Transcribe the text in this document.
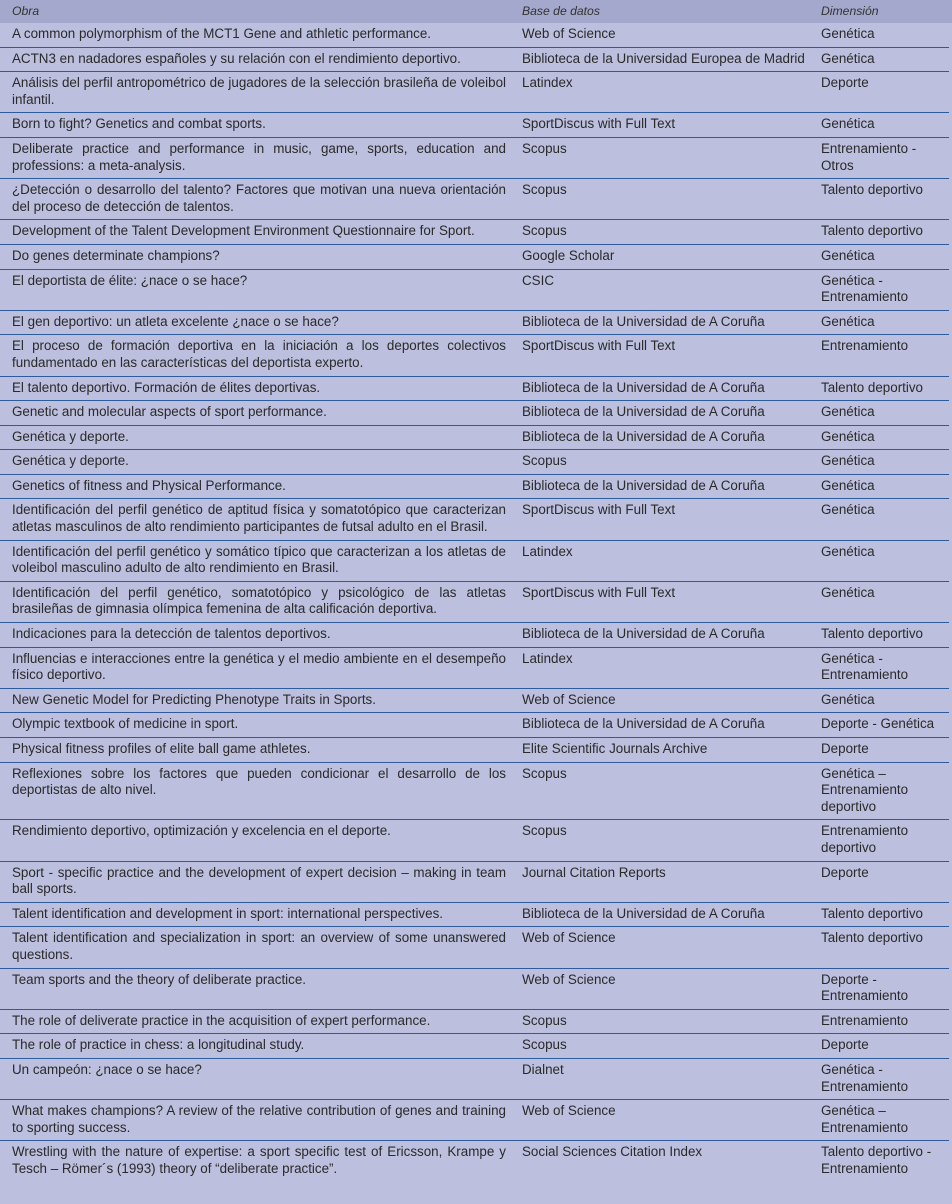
Obra	Base de datos	Dimensión	

A common polymorphism of the MCT1 Gene and athletic performance.	Web of Science	Genética	

ACTN3 en nadadores españoles y su relación con el rendimiento deportivo.	Biblioteca de la Universidad Europea de Madrid	Genética	

Análisis del perfil antropométrico de jugadores de la selección brasileña de voleibol infantil.	Latindex	Deporte	

Born to fight? Genetics and combat sports.	SportDiscus with Full Text	Genética	

Deliberate practice and performance in music, game, sports, education and professions: a meta-analysis.	Scopus	Entrenamiento - Otros	

¿Detección o desarrollo del talento? Factores que motivan una nueva orientación del proceso de detección de talentos.	Scopus	Talento deportivo	

Development of the Talent Development Environment Questionnaire for Sport.	Scopus	Talento deportivo	

Do genes determinate champions?	Google Scholar	Genética	

El deportista de élite: ¿nace o se hace?	CSIC	Genética - Entrenamiento	

El gen deportivo: un atleta excelente ¿nace o se hace?	Biblioteca de la Universidad de A Coruña	Genética	

El proceso de formación deportiva en la iniciación a los deportes colectivos fundamentado en las características del deportista experto.	SportDiscus with Full Text	Entrenamiento	

El talento deportivo. Formación de élites deportivas.	Biblioteca de la Universidad de A Coruña	Talento deportivo	

Genetic and molecular aspects of sport performance.	Biblioteca de la Universidad de A Coruña	Genética	

Genética y deporte.	Biblioteca de la Universidad de A Coruña	Genética	

Genética y deporte.	Scopus	Genética	

Genetics of fitness and Physical Performance.	Biblioteca de la Universidad de A Coruña	Genética	

Identificación del perfil genético de aptitud física y somatotópico que caracterizan atletas masculinos de alto rendimiento participantes de futsal adulto en el Brasil.	SportDiscus with Full Text	Genética	

Identificación del perfil genético y somático típico que caracterizan a los atletas de voleibol masculino adulto de alto rendimiento en Brasil.	Latindex	Genética	

Identificación del perfil genético, somatotópico y psicológico de las atletas brasileñas de gimnasia olímpica femenina de alta calificación deportiva.	SportDiscus with Full Text	Genética	

Indicaciones para la detección de talentos deportivos.	Biblioteca de la Universidad de A Coruña	Talento deportivo	

Influencias e interacciones entre la genética y el medio ambiente en el desempeño físico deportivo.	Latindex	Genética - Entrenamiento	

New Genetic Model for Predicting Phenotype Traits in Sports.	Web of Science	Genética	

Olympic textbook of medicine in sport.	Biblioteca de la Universidad de A Coruña	Deporte - Genética	

Physical fitness profiles of elite ball game athletes.	Elite Scientific Journals Archive	Deporte	

Reflexiones sobre los factores que pueden condicionar el desarrollo de los deportistas de alto nivel.	Scopus	Genética – Entrenamiento deportivo	

Rendimiento deportivo, optimización y excelencia en el deporte.	Scopus	Entrenamiento deportivo	

Sport - specific practice and the development of expert decision – making in team ball sports.	Journal Citation Reports	Deporte	

Talent identification and development in sport: international perspectives.	Biblioteca de la Universidad de A Coruña	Talento deportivo	

Talent identification and specialization in sport: an overview of some unanswered questions.	Web of Science	Talento deportivo	

Team sports and the theory of deliberate practice.	Web of Science	Deporte - Entrenamiento	

The role of deliverate practice in the acquisition of expert performance.	Scopus	Entrenamiento	

The role of practice in chess: a longitudinal study.	Scopus	Deporte	

Un campeón: ¿nace o se hace?	Dialnet	Genética - Entrenamiento	

What makes champions? A review of the relative contribution of genes and training to sporting success.	Web of Science	Genética – Entrenamiento	

Wrestling with the nature of expertise: a sport specific test of Ericsson, Krampe y Tesch – Römer´s (1993) theory of “deliberate practice”.	Social Sciences Citation Index	Talento deportivo - Entrenamiento	
